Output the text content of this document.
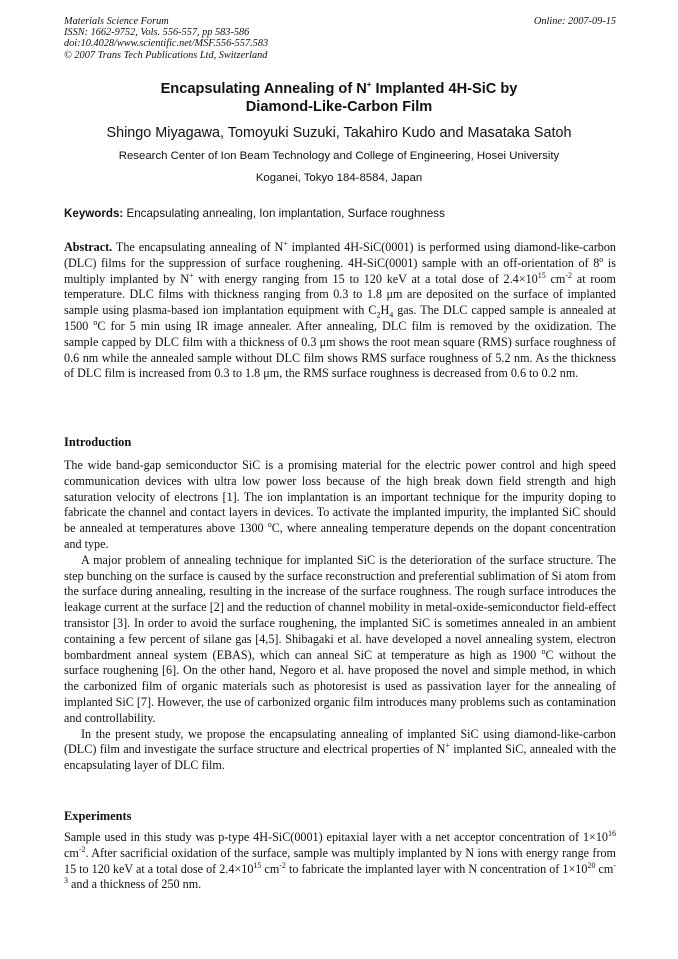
Materials Science Forum
ISSN: 1662-9752, Vols. 556-557, pp 583-586
doi:10.4028/www.scientific.net/MSF.556-557.583
© 2007 Trans Tech Publications Ltd, Switzerland
Online: 2007-09-15
Encapsulating Annealing of N+ Implanted 4H-SiC by
Diamond-Like-Carbon Film
Shingo Miyagawa, Tomoyuki Suzuki, Takahiro Kudo and Masataka Satoh
Research Center of Ion Beam Technology and College of Engineering, Hosei University
Koganei, Tokyo 184-8584, Japan
Keywords: Encapsulating annealing, Ion implantation, Surface roughness

Abstract. The encapsulating annealing of N+ implanted 4H-SiC(0001) is performed using diamond-like-carbon (DLC) films for the suppression of surface roughening. 4H-SiC(0001) sample with an off-orientation of 8$^o$ is multiply implanted by N+ with energy ranging from 15 to 120 keV at a total dose of $2.4\times 10^{15}$ $cm^{-2}$ at room temperature. DLC films with thickness ranging from 0.3 to 1.8 μm are deposited on the surface of implanted sample using plasma-based ion implantation equipment with $C_2H_4$ gas. The DLC capped sample is annealed at 1500 $^o$C for 5 min using IR image annealer. After annealing, DLC film is removed by the oxidization. The sample capped by DLC film with a thickness of 0.3 μm shows the root mean square (RMS) surface roughness of 0.6 nm while the annealed sample without DLC film shows RMS surface roughness of 5.2 nm. As the thickness of DLC film is increased from 0.3 to 1.8 μm, the RMS surface roughness is decreased from 0.6 to 0.2 nm.

Introduction

The wide band-gap semiconductor SiC is a promising material for the electric power control and high speed communication devices with ultra low power loss because of the high break down field strength and high saturation velocity of electrons [1]. The ion implantation is an important technique for the impurity doping to fabricate the channel and contact layers in devices. To activate the implanted impurity, the implanted SiC should be annealed at temperatures above 1300 $^o$C, where annealing temperature depends on the dopant concentration and type.

A major problem of annealing technique for implanted SiC is the deterioration of the surface structure. The step bunching on the surface is caused by the surface reconstruction and preferential sublimation of Si atom from the surface during annealing, resulting in the increase of the surface roughness. The rough surface introduces the leakage current at the surface [2] and the reduction of channel mobility in metal-oxide-semiconductor field-effect transistor [3]. In order to avoid the surface roughening, the implanted SiC is sometimes annealed in an ambient containing a few percent of silane gas [4,5]. Shibagaki et al. have developed a novel annealing system, electron bombardment anneal system (EBAS), which can anneal SiC at temperature as high as 1900 $^o$C without the surface roughening [6]. On the other hand, Negoro et al. have proposed the novel and simple method, in which the carbonized film of organic materials such as photoresist is used as passivation layer for the annealing of implanted SiC [7]. However, the use of carbonized organic film introduces many problems such as contamination and controllability.

In the present study, we propose the encapsulating annealing of implanted SiC using diamond-like-carbon (DLC) film and investigate the surface structure and electrical properties of N+ implanted SiC, annealed with the encapsulating layer of DLC film.

Experiments

Sample used in this study was p-type 4H-SiC(0001) epitaxial layer with a net acceptor concentration of $1\times 10^{16}$ $cm^{-2}$. After sacrificial oxidation of the surface, sample was multiply implanted by N ions with energy range from 15 to 120 keV at a total dose of $2.4\times 10^{15}$ $cm^{-2}$ to fabricate the implanted layer with N concentration of $1\times 10^{20}$ $cm^{-3}$ and a thickness of 250 nm.
